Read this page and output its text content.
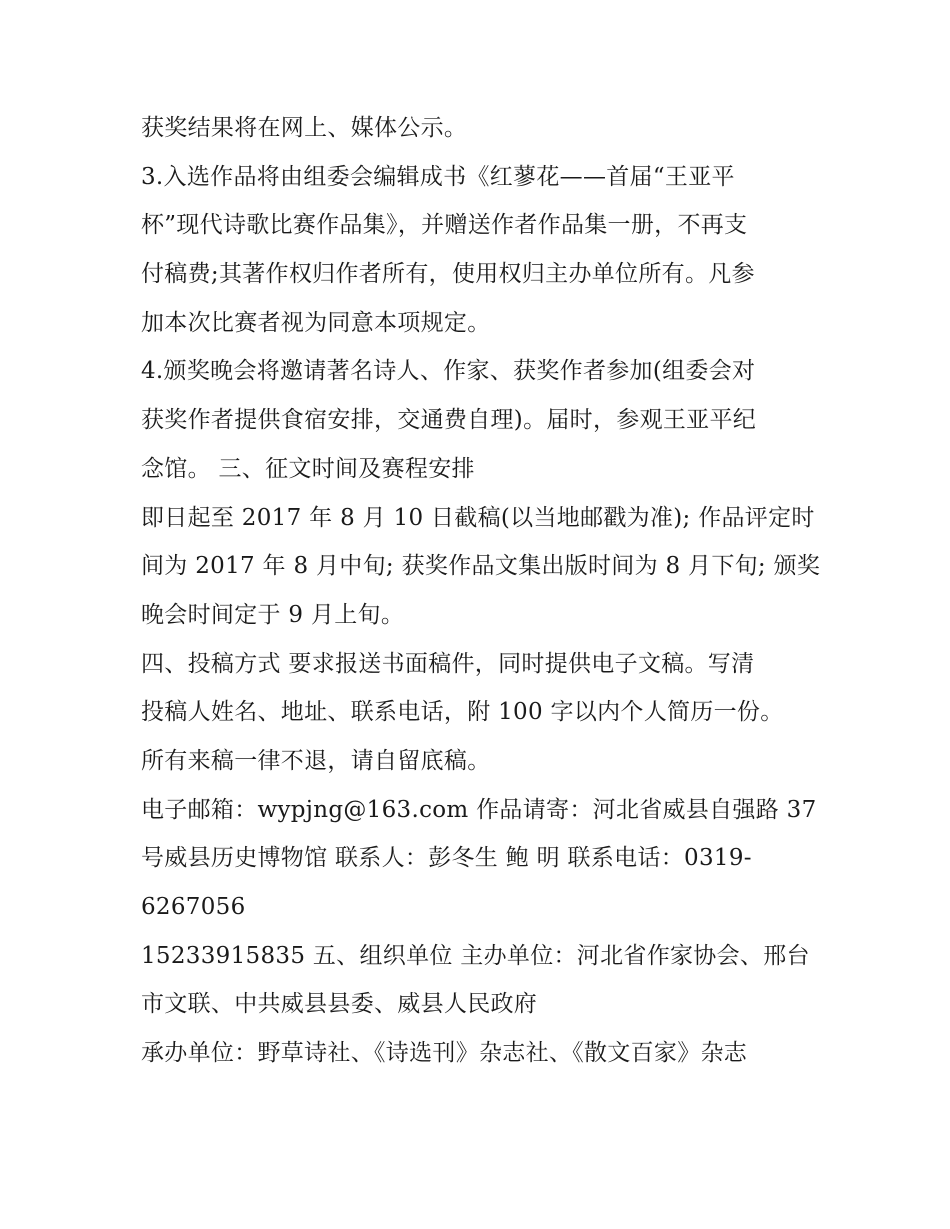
获奖结果将在网上、媒体公示。
3.入选作品将由组委会编辑成书《红蓼花——首届“王亚平
杯”现代诗歌比赛作品集》，并赠送作者作品集一册，不再支
付稿费;其著作权归作者所有，使用权归主办单位所有。凡参
加本次比赛者视为同意本项规定。
4.颁奖晚会将邀请著名诗人、作家、获奖作者参加(组委会对
获奖作者提供食宿安排，交通费自理)。届时，参观王亚平纪
念馆。 三、征文时间及赛程安排
即日起至 2017 年 8 月 10 日截稿(以当地邮戳为准); 作品评定时
间为 2017 年 8 月中旬; 获奖作品文集出版时间为 8 月下旬; 颁奖
晚会时间定于 9 月上旬。
四、投稿方式 要求报送书面稿件，同时提供电子文稿。写清
投稿人姓名、地址、联系电话，附 100 字以内个人简历一份。
所有来稿一律不退，请自留底稿。
电子邮箱：wypjng@163.com 作品请寄：河北省威县自强路 37
号威县历史博物馆 联系人：彭冬生 鲍 明 联系电话：0319-
6267056
15233915835 五、组织单位 主办单位：河北省作家协会、邢台
市文联、中共威县县委、威县人民政府
承办单位：野草诗社、《诗选刊》杂志社、《散文百家》杂志
